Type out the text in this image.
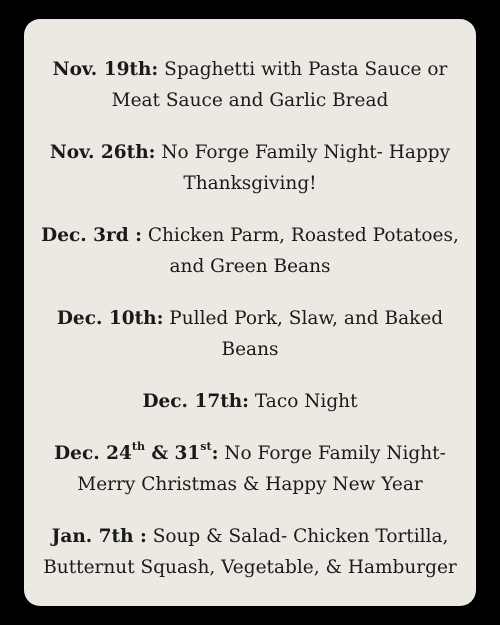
Nov. 19th: Spaghetti with Pasta Sauce or Meat Sauce and Garlic Bread

Nov. 26th: No Forge Family Night- Happy Thanksgiving!

Dec. 3rd : Chicken Parm, Roasted Potatoes, and Green Beans

Dec. 10th: Pulled Pork, Slaw, and Baked Beans

Dec. 17th: Taco Night

Dec. 24th & 31st: No Forge Family Night- Merry Christmas & Happy New Year

Jan. 7th : Soup & Salad- Chicken Tortilla, Butternut Squash, Vegetable, & Hamburger
